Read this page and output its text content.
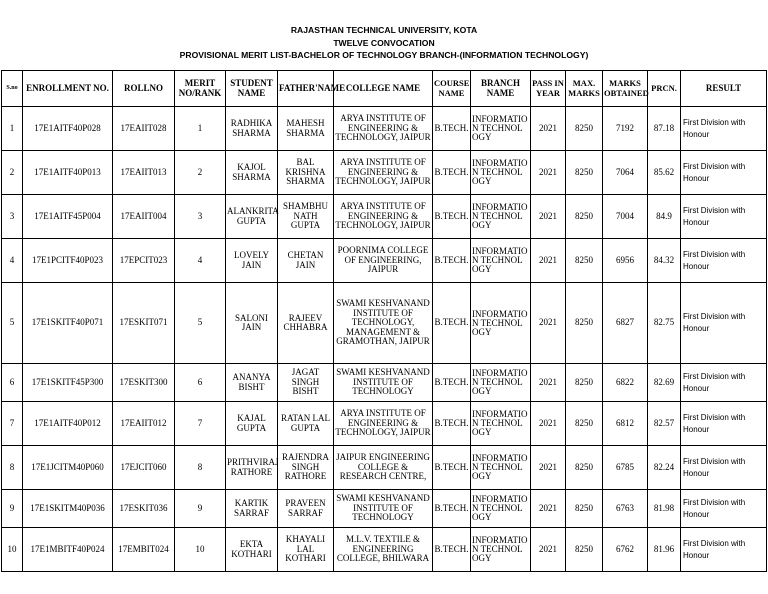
RAJASTHAN TECHNICAL UNIVERSITY, KOTA
TWELVE CONVOCATION
PROVISIONAL MERIT LIST-BACHELOR OF TECHNOLOGY BRANCH-(INFORMATION TECHNOLOGY)
S.no	ENROLLMENT NO.	ROLLNO	MERIT NO/RANK	STUDENT NAME	FATHER'NAME	COLLEGE NAME	COURSE NAME	BRANCH NAME	PASS IN YEAR	MAX. MARKS	MARKS OBTAINED	PRCN.	RESULT
1	17E1AITF40P028	17EAIIT028	1	RADHIKA SHARMA	MAHESH SHARMA	ARYA INSTITUTE OF ENGINEERING & TECHNOLOGY, JAIPUR	B.TECH.	INFORMATION TECHNOLOGY	2021	8250	7192	87.18	First Division with Honour
2	17E1AITF40P013	17EAIIT013	2	KAJOL SHARMA	BAL KRISHNA SHARMA	ARYA INSTITUTE OF ENGINEERING & TECHNOLOGY, JAIPUR	B.TECH.	INFORMATION TECHNOLOGY	2021	8250	7064	85.62	First Division with Honour
3	17E1AITF45P004	17EAIIT004	3	ALANKRITA GUPTA	SHAMBHU NATH GUPTA	ARYA INSTITUTE OF ENGINEERING & TECHNOLOGY, JAIPUR	B.TECH.	INFORMATION TECHNOLOGY	2021	8250	7004	84.9	First Division with Honour
4	17E1PCITF40P023	17EPCIT023	4	LOVELY JAIN	CHETAN JAIN	POORNIMA COLLEGE OF ENGINEERING, JAIPUR	B.TECH.	INFORMATION TECHNOLOGY	2021	8250	6956	84.32	First Division with Honour
5	17E1SKITF40P071	17ESKIT071	5	SALONI JAIN	RAJEEV CHHABRA	SWAMI KESHVANAND INSTITUTE OF TECHNOLOGY, MANAGEMENT & GRAMOTHAN, JAIPUR	B.TECH.	INFORMATION TECHNOLOGY	2021	8250	6827	82.75	First Division with Honour
6	17E1SKITF45P300	17ESKIT300	6	ANANYA BISHT	JAGAT SINGH BISHT	SWAMI KESHVANAND INSTITUTE OF TECHNOLOGY	B.TECH.	INFORMATION TECHNOLOGY	2021	8250	6822	82.69	First Division with Honour
7	17E1AITF40P012	17EAIIT012	7	KAJAL GUPTA	RATAN LAL GUPTA	ARYA INSTITUTE OF ENGINEERING & TECHNOLOGY, JAIPUR	B.TECH.	INFORMATION TECHNOLOGY	2021	8250	6812	82.57	First Division with Honour
8	17E1JCITM40P060	17EJCIT060	8	PRITHVIRAJ RATHORE	RAJENDRA SINGH RATHORE	JAIPUR ENGINEERING COLLEGE & RESEARCH CENTRE,	B.TECH.	INFORMATION TECHNOLOGY	2021	8250	6785	82.24	First Division with Honour
9	17E1SKITM40P036	17ESKIT036	9	KARTIK SARRAF	PRAVEEN SARRAF	SWAMI KESHVANAND INSTITUTE OF TECHNOLOGY	B.TECH.	INFORMATION TECHNOLOGY	2021	8250	6763	81.98	First Division with Honour
10	17E1MBITF40P024	17EMBIT024	10	EKTA KOTHARI	KHAYALI LAL KOTHARI	M.L.V. TEXTILE & ENGINEERING COLLEGE, BHILWARA	B.TECH.	INFORMATION TECHNOLOGY	2021	8250	6762	81.96	First Division with Honour
